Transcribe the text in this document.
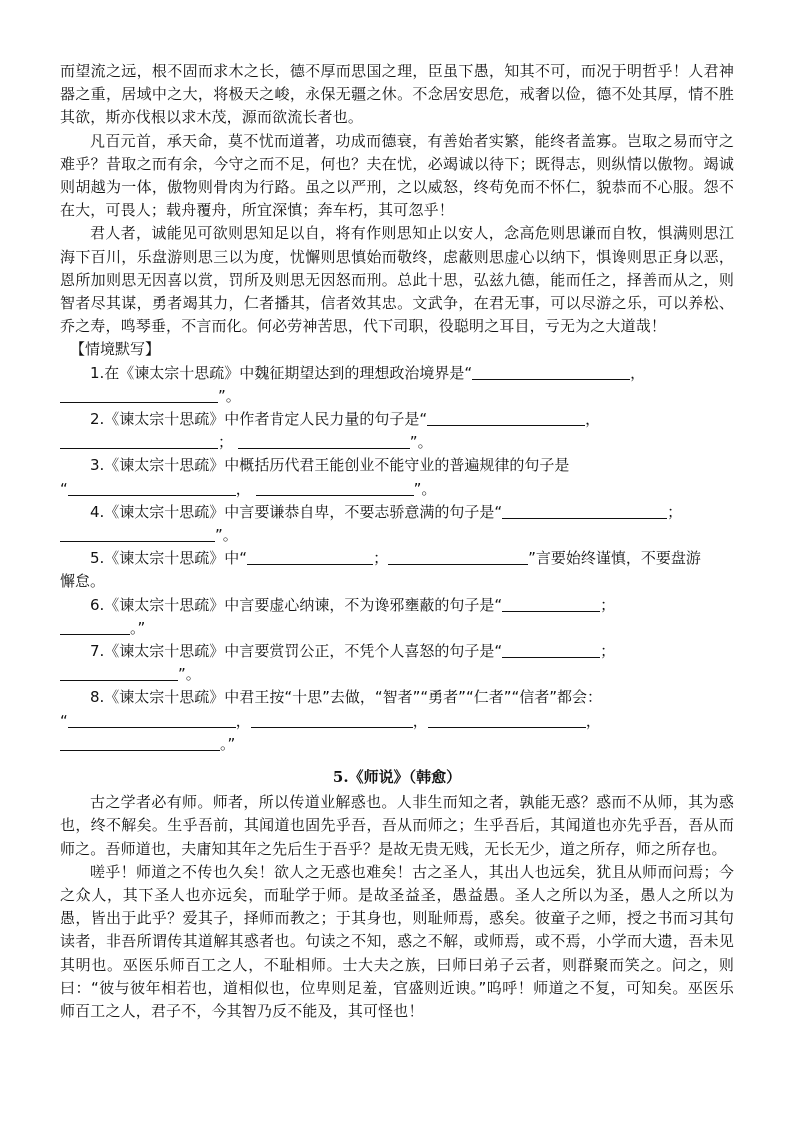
而望流之远，根不固而求木之长，德不厚而思国之理，臣虽下愚，知其不可，而况于明哲乎！人君神器之重，居域中之大，将极天之峻，永保无疆之休。不念居安思危，戒奢以俭，德不处其厚，情不胜其欲，斯亦伐根以求木茂，源而欲流长者也。

凡百元首，承天命，莫不忧而道著，功成而德衰，有善始者实繁，能终者盖寡。岂取之易而守之难乎？昔取之而有余，今守之而不足，何也？夫在忧，必竭诚以待下；既得志，则纵情以傲物。竭诚则胡越为一体，傲物则骨肉为行路。虽之以严刑，之以威怒，终苟免而不怀仁，貌恭而不心服。怨不在大，可畏人；载舟覆舟，所宜深慎；奔车朽，其可忽乎！

君人者，诚能见可欲则思知足以自，将有作则思知止以安人，念高危则思谦而自牧，惧满则思江海下百川，乐盘游则思三以为度，忧懈则思慎始而敬终，虑蔽则思虚心以纳下，惧谗则思正身以恶，恩所加则思无因喜以赏，罚所及则思无因怒而刑。总此十思，弘兹九德，能而任之，择善而从之，则智者尽其谋，勇者竭其力，仁者播其，信者效其忠。文武争，在君无事，可以尽游之乐，可以养松、乔之寿，鸣琴垂，不言而化。何必劳神苦思，代下司职，役聪明之耳目，亏无为之大道哉！

【情境默写】

1.在《谏太宗十思疏》中魏征期望达到的理想政治境界是“	，
”。
2.《谏太宗十思疏》中作者肯定人民力量的句子是“	，
；	”。
3.《谏太宗十思疏》中概括历代君王能创业不能守业的普遍规律的句子是
“	，	”。
4.《谏太宗十思疏》中言要谦恭自卑，不要志骄意满的句子是“	；
”。
5.《谏太宗十思疏》中“	；	”言要始终谨慎，不要盘游
懈怠。
6.《谏太宗十思疏》中言要虚心纳谏，不为谗邪壅蔽的句子是“	；
。”
7.《谏太宗十思疏》中言要赏罚公正，不凭个人喜怒的句子是“	；
”。
8.《谏太宗十思疏》中君王按“十思”去做，“智者”“勇者”“仁者”“信者”都会：
“	，	，	，
。”
5.《师说》（韩愈）

古之学者必有师。师者，所以传道业解惑也。人非生而知之者，孰能无惑？惑而不从师，其为惑也，终不解矣。生乎吾前，其闻道也固先乎吾，吾从而师之；生乎吾后，其闻道也亦先乎吾，吾从而师之。吾师道也，夫庸知其年之先后生于吾乎？是故无贵无贱，无长无少，道之所存，师之所存也。

嗟乎！师道之不传也久矣！欲人之无惑也难矣！古之圣人，其出人也远矣，犹且从师而问焉；今之众人，其下圣人也亦远矣，而耻学于师。是故圣益圣，愚益愚。圣人之所以为圣，愚人之所以为愚，皆出于此乎？爱其子，择师而教之；于其身也，则耻师焉，惑矣。彼童子之师，授之书而习其句读者，非吾所谓传其道解其惑者也。句读之不知，惑之不解，或师焉，或不焉，小学而大遗，吾未见其明也。巫医乐师百工之人，不耻相师。士大夫之族，曰师曰弟子云者，则群聚而笑之。问之，则曰：“彼与彼年相若也，道相似也，位卑则足羞，官盛则近谀。”呜呼！师道之不复，可知矣。巫医乐师百工之人，君子不，今其智乃反不能及，其可怪也！
